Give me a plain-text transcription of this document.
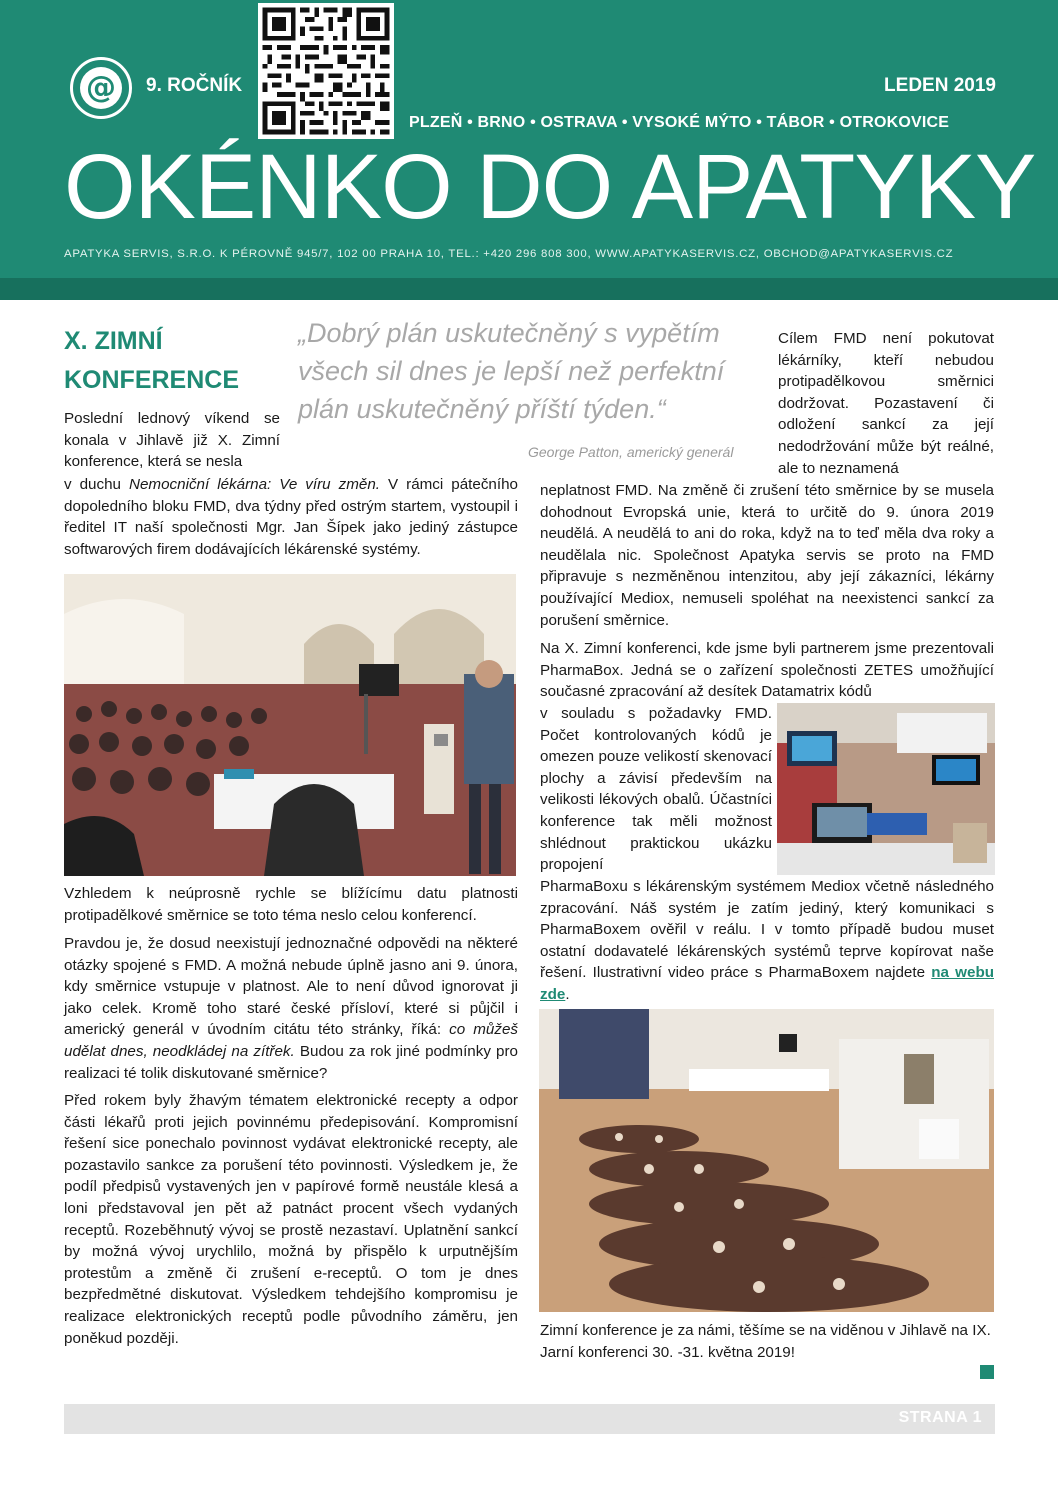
@	9. ROČNÍK	LEDEN 2019
PLZEŇ • BRNO • OSTRAVA • VYSOKÉ MÝTO • TÁBOR • OTROKOVICE
OKÉNKO DO APATYKY
APATYKA SERVIS, S.R.O. K PÉROVNĚ 945/7, 102 00 PRAHA 10, TEL.: +420 296 808 300, WWW.APATYKASERVIS.CZ, OBCHOD@APATYKASERVIS.CZ
X. ZIMNÍ KONFERENCE
„Dobrý plán uskutečněný s vypětím všech sil dnes je lepší než perfektní plán uskutečněný příští týden.“
George Patton, americký generál

Poslední lednový víkend se konala v Jihlavě již X. Zimní konference, která se nesla

v duchu Nemocniční lékárna: Ve víru změn. V rámci pátečního dopoledního bloku FMD, dva týdny před ostrým startem, vystoupil i ředitel IT naší společnosti Mgr. Jan Šípek jako jediný zástupce softwarových firem dodávajících lékárenské systémy.

Vzhledem k neúprosně rychle se blížícímu datu platnosti protipadělkové směrnice se toto téma neslo celou konferencí.

Pravdou je, že dosud neexistují jednoznačné odpovědi na některé otázky spojené s FMD. A možná nebude úplně jasno ani 9. února, kdy směrnice vstupuje v platnost. Ale to není důvod ignorovat ji jako celek. Kromě toho staré české přísloví, které si půjčil i americký generál v úvodním citátu této stránky, říká: co můžeš udělat dnes, neodkládej na zítřek. Budou za rok jiné podmínky pro realizaci té tolik diskutované směrnice?

Před rokem byly žhavým tématem elektronické recepty a odpor části lékařů proti jejich povinnému předepisování. Kompromisní řešení sice ponechalo povinnost vydávat elektronické recepty, ale pozastavilo sankce za porušení této povinnosti. Výsledkem je, že podíl předpisů vystavených jen v papírové formě neustále klesá a loni představoval jen pět až patnáct procent všech vydaných receptů. Rozeběhnutý vývoj se prostě nezastaví. Uplatnění sankcí by možná vývoj urychlilo, možná by přispělo k urputnějším protestům a změně či zrušení e-receptů. O tom je dnes bezpředmětné diskutovat. Výsledkem tehdejšího kompromisu je realizace elektronických receptů podle původního záměru, jen poněkud později.

Cílem FMD není pokutovat lékárníky, kteří nebudou protipadělkovou směrnici dodržovat. Pozastavení či odložení sankcí za její nedodržování může být reálné, ale to neznamená

neplatnost FMD. Na změně či zrušení této směrnice by se musela dohodnout Evropská unie, která to určitě do 9. února 2019 neudělá. A neudělá to ani do roka, když na to teď měla dva roky a neudělala nic. Společnost Apatyka servis se proto na FMD připravuje s nezměněnou intenzitou, aby její zákazníci, lékárny používající Mediox, nemuseli spoléhat na neexistenci sankcí za porušení směrnice.

Na X. Zimní konferenci, kde jsme byli partnerem jsme prezentovali PharmaBox. Jedná se o zařízení společnosti ZETES umožňující současné zpracování až desítek Datamatrix kódů

v souladu s požadavky FMD. Počet kontrolovaných kódů je omezen pouze velikostí skenovací plochy a závisí především na velikosti lékových obalů. Účastníci konference tak měli možnost shlédnout praktickou ukázku propojení

PharmaBoxu s lékárenským systémem Mediox včetně následného zpracování. Náš systém je zatím jediný, který komunikaci s PharmaBoxem ověřil v reálu. I v tomto případě budou muset ostatní dodavatelé lékárenských systémů teprve kopírovat naše řešení. Ilustrativní video práce s PharmaBoxem najdete na webu zde.

Zimní konference je za námi, těšíme se na viděnou v Jihlavě na IX. Jarní konferenci 30. -31. května 2019!

STRANA 1
